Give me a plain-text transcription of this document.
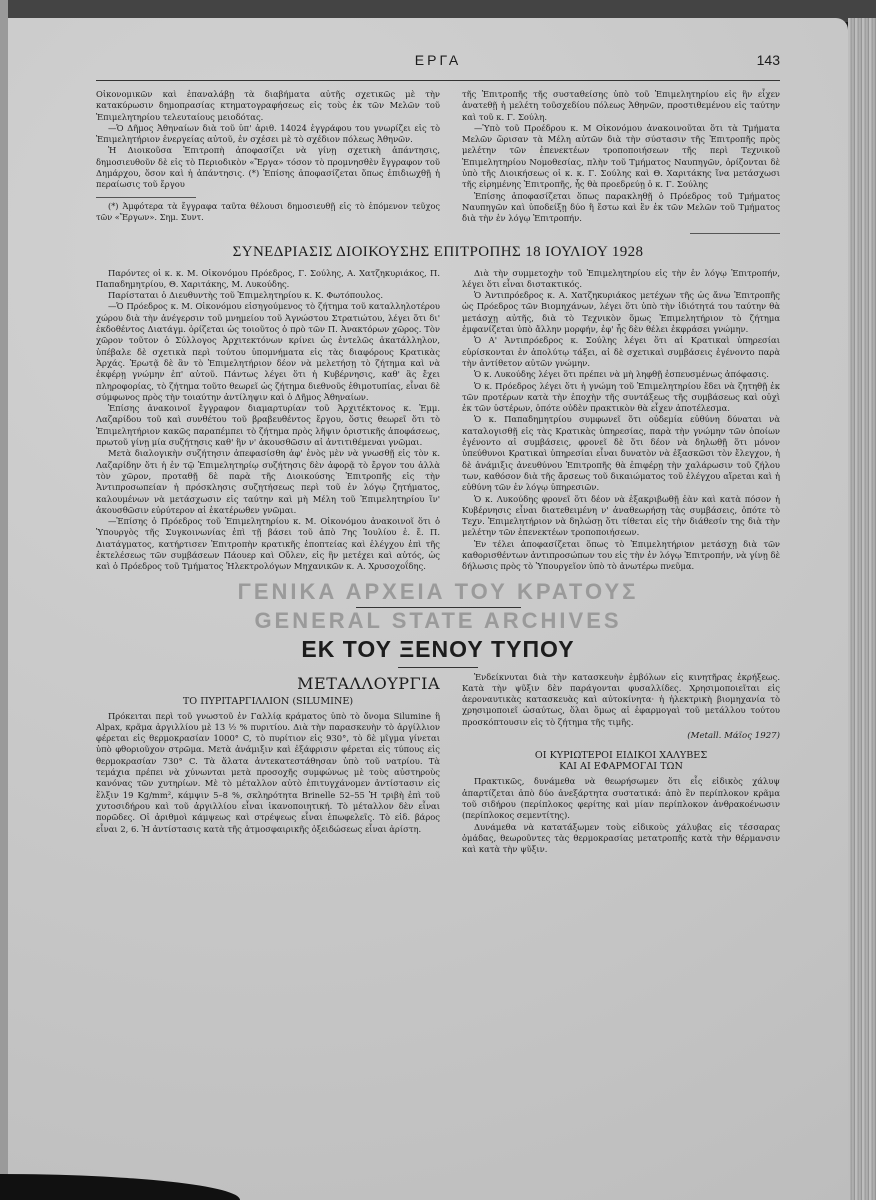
ΕΡΓΑ	143

Οἰκονομικῶν καὶ ἐπαναλάβῃ τὰ διαβήματα αὐτῆς σχετικῶς μὲ τὴν κατακύρωσιν δημοπρασίας κτηματογραφήσεως εἰς τοὺς ἐκ τῶν Μελῶν τοῦ Ἐπιμελητηρίου τελευταίους μειοδότας.

—Ὁ Δῆμος Ἀθηναίων διὰ τοῦ ὑπ' ἀριθ. 14024 ἐγγράφου του γνωρίζει εἰς τὸ Ἐπιμελητήριον ἐνεργείας αὐτοῦ, ἐν σχέσει μὲ τὸ σχέδιον πόλεως Ἀθηνῶν.

Ἡ Διοικοῦσα Ἐπιτροπὴ ἀποφασίζει νὰ γίνῃ σχετικὴ ἀπάντησις, δημοσιευθοῦν δὲ εἰς τὸ Περιοδικὸν «Ἔργα» τόσον τὸ προμνησθὲν ἔγγραφον τοῦ Δημάρχου, ὅσον καὶ ἡ ἀπάντησις. (*) Ἐπίσης ἀποφασίζεται ὅπως ἐπιδιωχθῇ ἡ περαίωσις τοῦ ἔργου

(*) Ἀμφότερα τὰ ἔγγραφα ταῦτα θέλουσι δημοσιευθῇ εἰς τὸ ἑπόμενον τεῦχος τῶν «Ἔργων». Σημ. Συντ.

τῆς Ἐπιτροπῆς τῆς συσταθείσης ὑπὸ τοῦ Ἐπιμελητηρίου εἰς ἣν εἶχεν ἀνατεθῇ ἡ μελέτη τοῦσχεδίου πόλεως Ἀθηνῶν, προστιθεμένου εἰς ταύτην καὶ τοῦ κ. Γ. Σούλη.

—Ὑπὸ τοῦ Προέδρου κ. Μ Οἰκονόμου ἀνακοινοῦται ὅτι τὰ Τμήματα Μελῶν ὥρισαν τὰ Μέλη αὐτῶν διὰ τὴν σύστασιν τῆς Ἐπιτροπῆς πρὸς μελέτην τῶν ἐπενεκτέων τροποποιήσεων τῆς περὶ Τεχνικοῦ Ἐπιμελητηρίου Νομοθεσίας, πλὴν τοῦ Τμήματος Ναυπηγῶν, ὁρίζονται δὲ ὑπὸ τῆς Διοικήσεως οἱ κ. κ. Γ. Σούλης καὶ Θ. Χαριτάκης ἵνα μετάσχωσι τῆς εἰρημένης Ἐπιτροπῆς, ἧς θὰ προεδρεύῃ ὁ κ. Γ. Σούλης

Ἐπίσης ἀποφασίζεται ὅπως παρακληθῇ ὁ Πρόεδρος τοῦ Τμήματος Ναυπηγῶν καὶ ὑποδείξῃ δύο ἢ ἔστω καὶ ἓν ἐκ τῶν Μελῶν τοῦ Τμήματος διὰ τὴν ἐν λόγῳ Ἐπιτροπήν.

ΣΥΝΕΔΡΙΑΣΙΣ ΔΙΟΙΚΟΥΣΗΣ ΕΠΙΤΡΟΠΗΣ 18 ΙΟΥΛΙΟΥ 1928

Παρόντες οἱ κ. κ. Μ. Οἰκονόμου Πρόεδρος, Γ. Σούλης, Α. Χατζηκυριάκος, Π. Παπαδημητρίου, Θ. Χαριτάκης, Μ. Λυκούδης.

Παρίσταται ὁ Διευθυντὴς τοῦ Ἐπιμελητηρίου κ. Κ. Φωτόπουλος.

—Ὁ Πρόεδρος κ. Μ. Οἰκονόμου εἰσηγούμενος τὸ ζήτημα τοῦ καταλληλοτέρου χώρου διὰ τὴν ἀνέγερσιν τοῦ μνημείου τοῦ Ἀγνώστου Στρατιώτου, λέγει ὅτι δι' ἐκδοθέντος Διατάγμ. ὁρίζεται ὡς τοιοῦτος ὁ πρὸ τῶν Π. Ἀνακτόρων χῶρος. Τὸν χῶρον τοῦτον ὁ Σύλλογος Ἀρχιτεκτόνων κρίνει ὡς ἐντελῶς ἀκατάλληλον, ὑπέβαλε δὲ σχετικὰ περὶ τούτου ὑπομνήματα εἰς τὰς διαφόρους Κρατικὰς Ἀρχάς. Ἐρωτᾷ δὲ ἂν τὸ Ἐπιμελητήριον δέον νὰ μελετήσῃ τὸ ζήτημα καὶ νὰ ἐκφέρῃ γνώμην ἐπ' αὐτοῦ. Πάντως λέγει ὅτι ἡ Κυβέρνησις, καθ' ἃς ἔχει πληροφορίας, τὸ ζήτημα τοῦτο θεωρεῖ ὡς ζήτημα διεθνοῦς ἐθιμοτυπίας, εἶναι δὲ σύμφωνος πρὸς τὴν τοιαύτην ἀντίληψιν καὶ ὁ Δῆμος Ἀθηναίων.

Ἐπίσης ἀνακοινοῖ ἔγγραφον διαμαρτυρίαν τοῦ Ἀρχιτέκτονος κ. Ἐμμ. Λαζαρίδου τοῦ καὶ συνθέτου τοῦ βραβευθέντος ἔργου, ὅστις θεωρεῖ ὅτι τὸ Ἐπιμελητήριον κακῶς παραπέμπει τὸ ζήτημα πρὸς λῆψιν ὁριστικῆς ἀποφάσεως, πρωτοῦ γίνῃ μία συζήτησις καθ' ἣν ν' ἀκουσθῶσιν αἱ ἀντιτιθέμεναι γνῶμαι.

Μετὰ διαλογικὴν συζήτησιν ἀπεφασίσθη ἀφ' ἑνὸς μὲν νὰ γνωσθῇ εἰς τὸν κ. Λαζαρίδην ὅτι ἡ ἐν τῷ Ἐπιμελητηρίῳ συζήτησις δὲν ἀφορᾷ τὸ ἔργον του ἀλλὰ τὸν χῶρον, προταθῇ δὲ παρὰ τῆς Διοικούσης Ἐπιτροπῆς εἰς τὴν Ἀντιπροσωπείαν ἡ πρόσκλησις συζητήσεως περὶ τοῦ ἐν λόγῳ ζητήματος, καλουμένων νὰ μετάσχωσιν εἰς ταύτην καὶ μὴ Μέλη τοῦ Ἐπιμελητηρίου ἵν' ἀκουσθῶσιν εὐρύτερον αἱ ἑκατέρωθεν γνῶμαι.

—Ἐπίσης ὁ Πρόεδρος τοῦ Ἐπιμελητηρίου κ. Μ. Οἰκονόμου ἀνακοινοῖ ὅτι ὁ Ὑπουργὸς τῆς Συγκοινωνίας ἐπὶ τῇ βάσει τοῦ ἀπὸ 7ης Ἰουλίου ἐ. ἔ. Π. Διατάγματος, κατήρτισεν Ἐπιτροπὴν κρατικῆς ἐποπτείας καὶ ἐλέγχου ἐπὶ τῆς ἐκτελέσεως τῶν συμβάσεων Πάουερ καὶ Οὔλεν, εἰς ἣν μετέχει καὶ αὐτός, ὡς καὶ ὁ Πρόεδρος τοῦ Τμήματος Ἠλεκτρολόγων Μηχανικῶν κ. Α. Χρυσοχοΐδης.

Διὰ τὴν συμμετοχὴν τοῦ Ἐπιμελητηρίου εἰς τὴν ἐν λόγῳ Ἐπιτροπήν, λέγει ὅτι εἶναι διστακτικός.

Ὁ Ἀντιπρόεδρος κ. Α. Χατζηκυριάκος μετέχων τῆς ὡς ἄνω Ἐπιτροπῆς ὡς Πρόεδρος τῶν Βιομηχάνων, λέγει ὅτι ὑπὸ τὴν ἰδιότητά του ταύτην θὰ μετάσχῃ αὐτῆς, διὰ τὸ Τεχνικὸν ὅμως Ἐπιμελητήριον τὸ ζήτημα ἐμφανίζεται ὑπὸ ἄλλην μορφήν, ἐφ' ἧς δὲν θέλει ἐκφράσει γνώμην.

Ὁ Α' Ἀντιπρόεδρος κ. Σούλης λέγει ὅτι αἱ Κρατικαὶ ὑπηρεσίαι εὑρίσκονται ἐν ἀπολύτῳ τάξει, αἱ δὲ σχετικαὶ συμβάσεις ἐγένοντο παρὰ τὴν ἀντίθετον αὐτῶν γνώμην.

Ὁ κ. Λυκούδης λέγει ὅτι πρέπει νὰ μὴ ληφθῇ ἐσπευσμένως ἀπόφασις.

Ὁ κ. Πρόεδρος λέγει ὅτι ἡ γνώμη τοῦ Ἐπιμελητηρίου ἔδει νὰ ζητηθῇ ἐκ τῶν προτέρων κατὰ τὴν ἐποχὴν τῆς συντάξεως τῆς συμβάσεως καὶ οὐχὶ ἐκ τῶν ὑστέρων, ὁπότε οὐδὲν πρακτικὸν θὰ εἶχεν ἀποτέλεσμα.

Ὁ κ. Παπαδημητρίου συμφωνεῖ ὅτι οὐδεμία εὐθύνη δύναται νὰ καταλογισθῇ εἰς τὰς Κρατικὰς ὑπηρεσίας, παρὰ τὴν γνώμην τῶν ὁποίων ἐγένοντο αἱ συμβάσεις, φρονεῖ δὲ ὅτι δέον νὰ δηλωθῇ ὅτι μόνον ὑπεύθυνοι Κρατικαὶ ὑπηρεσίαι εἶναι δυνατὸν νὰ ἐξασκῶσι τὸν ἔλεγχον, ἡ δὲ ἀνάμιξις ἀνευθύνου Ἐπιτροπῆς θὰ ἐπιφέρῃ τὴν χαλάρωσιν τοῦ ζήλου των, καθόσον διὰ τῆς ἄρσεως τοῦ δικαιώματος τοῦ ἐλέγχου αἴρεται καὶ ἡ εὐθύνη τῶν ἐν λόγῳ ὑπηρεσιῶν.

Ὁ κ. Λυκούδης φρονεῖ ὅτι δέον νὰ ἐξακριβωθῇ ἐὰν καὶ κατὰ πόσον ἡ Κυβέρνησις εἶναι διατεθειμένη ν' ἀναθεωρήσῃ τὰς συμβάσεις, ὁπότε τὸ Τεχν. Ἐπιμελητήριον νὰ δηλώσῃ ὅτι τίθεται εἰς τὴν διάθεσίν της διὰ τὴν μελέτην τῶν ἐπενεκτέων τροποποιήσεων.

Ἐν τέλει ἀποφασίζεται ὅπως τὸ Ἐπιμελητήριον μετάσχῃ διὰ τῶν καθορισθέντων ἀντιπροσώπων του εἰς τὴν ἐν λόγῳ Ἐπιτροπήν, νὰ γίνῃ δὲ δήλωσις πρὸς τὸ Ὑπουργεῖον ὑπὸ τὸ ἀνωτέρω πνεῦμα.

ΓΕΝΙΚΑ ΑΡΧΕΙΑ ΤΟΥ ΚΡΑΤΟΥΣ
GENERAL STATE ARCHIVES
ΕΚ ΤΟΥ ΞΕΝΟΥ ΤΥΠΟΥ
ΜΕΤΑΛΛΟΥΡΓΙΑ
ΤΟ ΠΥΡΙΤΑΡΓΙΛΛΙΟΝ (SILUMINE)

Πρόκειται περὶ τοῦ γνωστοῦ ἐν Γαλλίᾳ κράματος ὑπὸ τὸ ὄνομα Silumine ἢ Alpax, κρᾶμα ἀργιλλίου μὲ 13 ½ % πυριτίου. Διὰ τὴν παρασκευὴν τὸ ἀργίλλιον φέρεται εἰς θερμοκρασίαν 1000° C, τὸ πυρίτιον εἰς 930°, τὸ δὲ μῖγμα γίνεται ὑπὸ φθοριοῦχον στρῶμα. Μετὰ ἀνάμιξιν καὶ ἐξάφρισιν φέρεται εἰς τύπους εἰς θερμοκρασίαν 730° C. Τὰ ἅλατα ἀντεκατεστάθησαν ὑπὸ τοῦ νατρίου. Τὰ τεμάχια πρέπει νὰ χύνωνται μετὰ προσοχῆς συμφώνως μὲ τοὺς αὐστηροὺς κανόνας τῶν χυτηρίων. Μὲ τὸ μέταλλον αὐτὸ ἐπιτυγχάνομεν ἀντίστασιν εἰς ἕλξιν 19 Kg/mm², κάμψιν 5–8 %, σκληρότητα Brinelle 52–55 Ἡ τριβὴ ἐπὶ τοῦ χυτοσιδήρου καὶ τοῦ ἀργιλλίου εἶναι ἱκανοποιητική. Τὸ μέταλλον δὲν εἶναι πορῶδες. Οἱ ἀριθμοὶ κάμψεως καὶ στρέψεως εἶναι ἐπωφελεῖς. Τὸ εἰδ. βάρος εἶναι 2, 6. Ἡ ἀντίστασις κατὰ τῆς ἀτμοσφαιρικῆς ὀξειδώσεως εἶναι ἀρίστη.

Ἐνδείκνυται διὰ τὴν κατασκευὴν ἐμβόλων εἰς κινητῆρας ἐκρήξεως. Κατὰ τὴν ψῦξιν δὲν παράγονται φυσαλλίδες. Χρησιμοποιεῖται εἰς ἀεροναυτικὰς κατασκευὰς καὶ αὐτοκίνητα· ἡ ἠλεκτρικὴ βιομηχανία τὸ χρησιμοποιεῖ ὡσαύτως, ὅλαι ὅμως αἱ ἐφαρμογαὶ τοῦ μετάλλου τούτου προσκόπτουσιν εἰς τὸ ζήτημα τῆς τιμῆς.

(Metall. Μάϊος 1927)
ΟΙ ΚΥΡΙΩΤΕΡΟΙ ΕΙΔΙΚΟΙ ΧΑΛΥΒΕΣ
ΚΑΙ ΑΙ ΕΦΑΡΜΟΓΑΙ ΤΩΝ

Πρακτικῶς, δυνάμεθα νὰ θεωρήσωμεν ὅτι εἷς εἰδικὸς χάλυψ ἀπαρτίζεται ἀπὸ δύο ἀνεξάρτητα συστατικά: ἀπὸ ἓν περίπλοκον κρᾶμα τοῦ σιδήρου (περίπλοκος φερίτης καὶ μίαν περίπλοκον ἀνθρακοένωσιν (περίπλοκος σεμεντίτης).

Δυνάμεθα νὰ κατατάξωμεν τοὺς εἰδικοὺς χάλυβας εἰς τέσσαρας ὁμάδας, θεωροῦντες τὰς θερμοκρασίας μετατροπῆς κατὰ τὴν θέρμανσιν καὶ κατὰ τὴν ψῦξιν.
